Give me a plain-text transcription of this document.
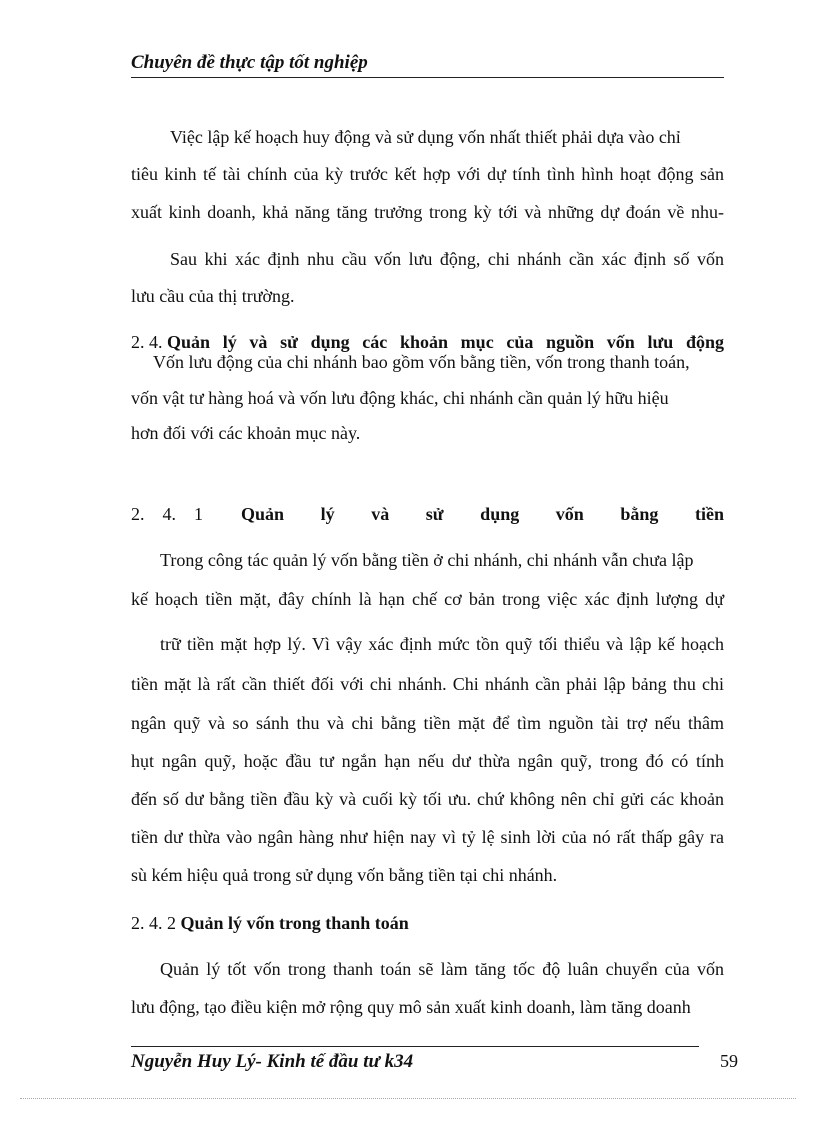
Chuyên đề thực tập tốt nghiệp
Việc lập kế hoạch huy động và sử dụng vốn nhất thiết phải dựa vào chỉ
tiêu kinh tế tài chính của kỳ trước kết hợp với dự tính tình hình hoạt động sản
xuất kinh doanh, khả năng tăng trưởng trong kỳ tới và những dự đoán về nhu-
Sau khi xác định nhu cầu vốn lưu động, chi nhánh cần xác định số vốn
lưu cầu của thị trường.
2. 4. Quản lý và sử dụng các khoản mục của nguồn vốn lưu động
Vốn lưu động của chi nhánh bao gồm vốn bằng tiền, vốn trong thanh toán,
vốn vật tư hàng hoá và vốn lưu động khác, chi nhánh cần quản lý hữu hiệu
hơn đối với các khoản mục này.
2.    4.    1 Quản lý và sử dụng vốn bằng tiền
Trong công tác quản lý vốn bằng tiền ở chi nhánh, chi nhánh vẫn chưa lập
kế hoạch tiền mặt, đây chính là hạn chế cơ bản trong việc xác định lượng dự
trữ tiền mặt hợp lý. Vì vậy xác định mức tồn quỹ tối thiểu và lập kế hoạch
tiền mặt là rất cần thiết đối với chi nhánh. Chi nhánh cần phải lập bảng thu chi
ngân quỹ và so sánh thu và chi bằng tiền mặt để tìm nguồn tài trợ nếu thâm
hụt ngân quỹ, hoặc đầu tư ngắn hạn nếu dư thừa ngân quỹ, trong đó có tính
đến số dư bằng tiền đầu kỳ và cuối kỳ tối ưu. chứ không nên chỉ gửi các khoản
tiền dư thừa vào ngân hàng như hiện nay vì tỷ lệ sinh lời của nó rất thấp gây ra
sù kém hiệu quả trong sử dụng vốn bằng tiền tại chi nhánh.
2. 4. 2 Quản lý vốn trong thanh toán
Quản lý tốt vốn trong thanh toán sẽ làm tăng tốc độ luân chuyển của vốn
lưu động, tạo điều kiện mở rộng quy mô sản xuất kinh doanh, làm tăng doanh
Nguyễn Huy Lý- Kinh tế đầu tư k34	59
